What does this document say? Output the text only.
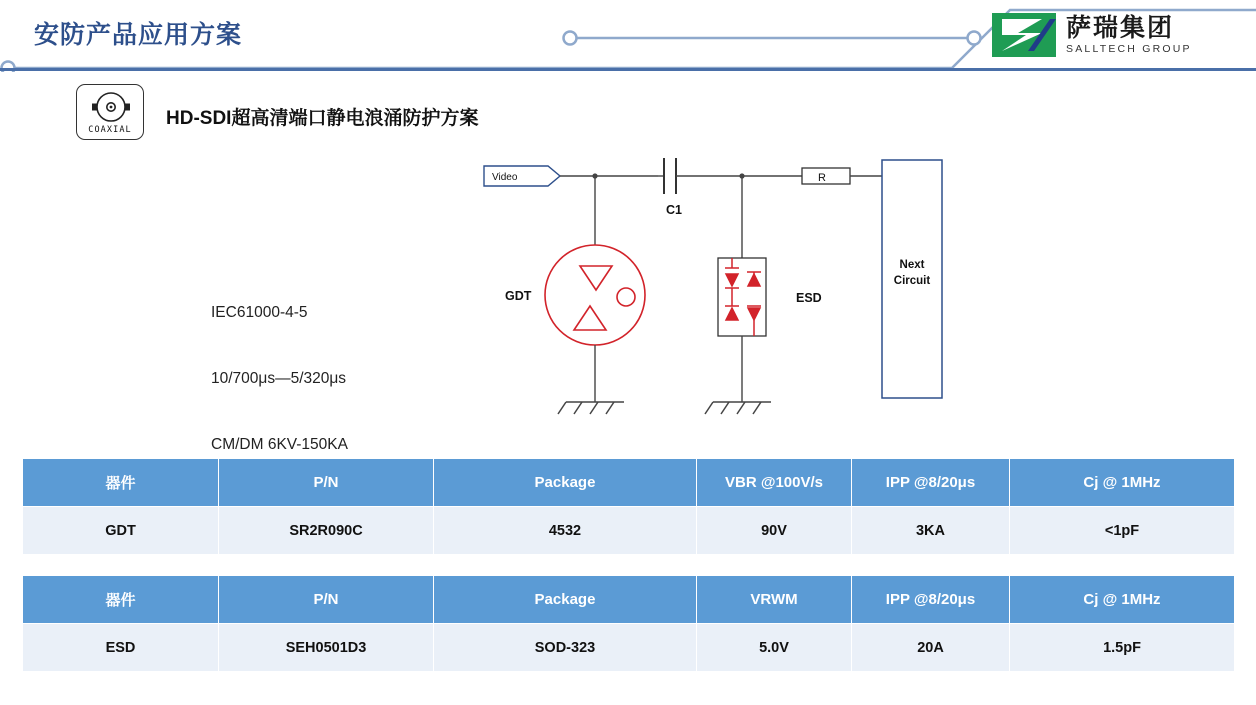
安防产品应用方案	萨瑞集团
SALLTECH GROUP
COAXIAL
HD-SDI超高清端口静电浪涌防护方案

IEC61000-4-5

10/700μs—5/320μs

CM/DM 6KV-150KA

Video
C1
R
GDT	ESD
Next
Circuit
器件	P/N	Package	VBR @100V/s	IPP @8/20μs	Cj @ 1MHz
GDT	SR2R090C	4532	90V	3KA	<1pF
器件	P/N	Package	VRWM	IPP @8/20μs	Cj @ 1MHz
ESD	SEH0501D3	SOD-323	5.0V	20A	1.5pF
